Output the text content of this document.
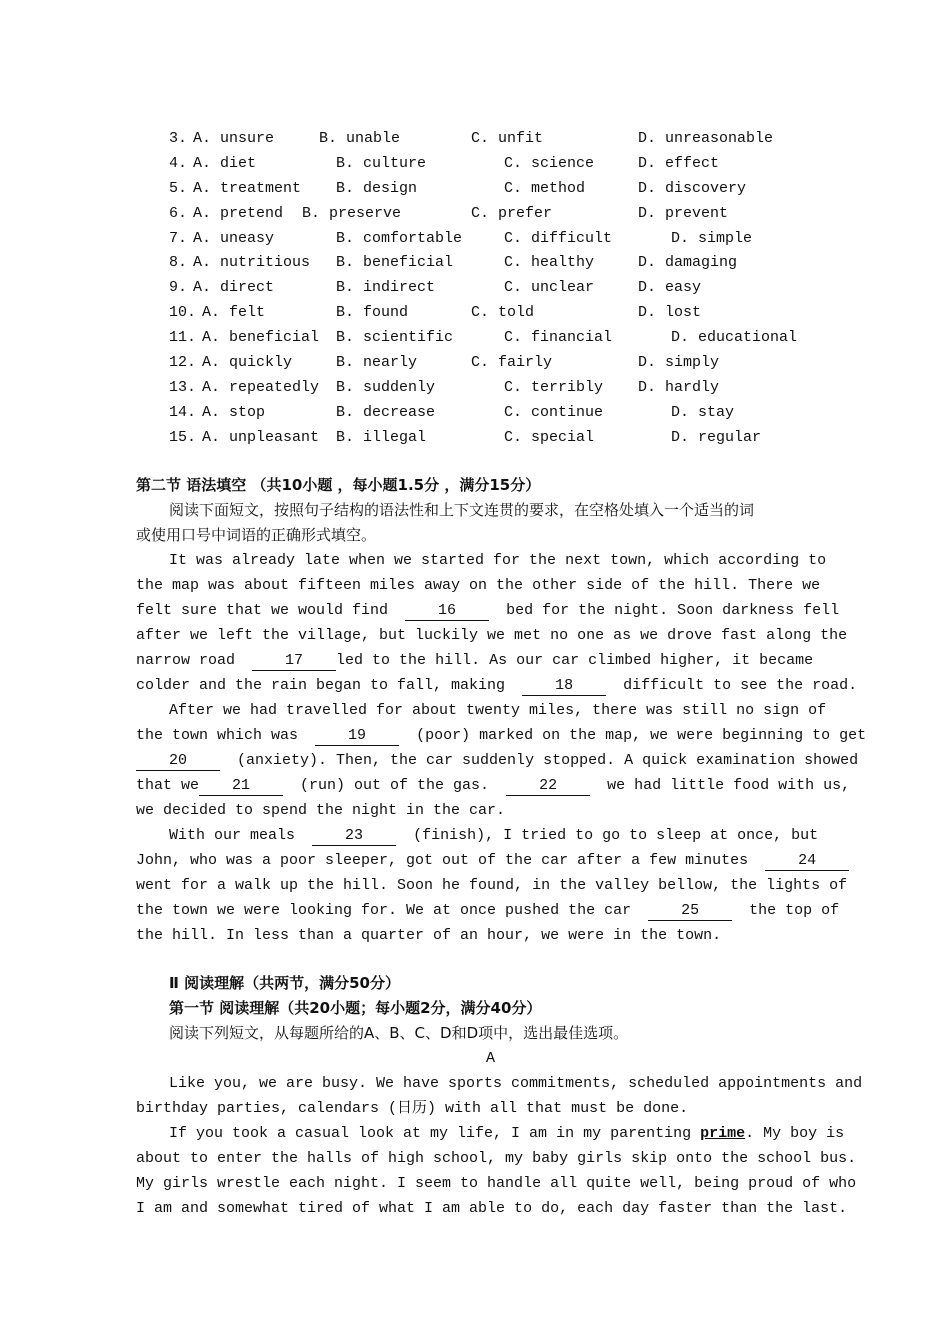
3. A. unsure	B. unable	C. unfit	D. unreasonable
4. A. diet	B. culture	C. science	D. effect
5. A. treatment B. design	C. method	D. discovery
6. A. pretend B. preserve	C. prefer	D. prevent
7. A. uneasy	B. comfortable	C. difficult	D. simple
8. A. nutritious B. beneficial	C. healthy	D. damaging
9. A. direct	B. indirect	C. unclear	D. easy
10. A. felt	B. found	C. told	D. lost
11. A. beneficial B. scientific	C. financial	D. educational
12. A. quickly	B. nearly	C. fairly	D. simply
13. A. repeatedly B. suddenly	C. terribly D. hardly
14. A. stop	B. decrease	C. continue	D. stay
15. A. unpleasant B. illegal	C. special	D. regular
第二节 语法填空 （共10小题 ，每小题1.5分 ，满分15分）
阅读下面短文，按照句子结构的语法性和上下文连贯的要求，在空格处填入一个适当的词
或使用口号中词语的正确形式填空。
It was already late when we started for the next town, which according to
the map was about fifteen miles away on the other side of the hill. There we
felt sure that we would find	16	bed for the night. Soon darkness fell
after we left the village, but luckily we met no one as we drove fast along the
narrow road	17 led to the hill. As our car climbed higher, it became
colder and the rain began to fall, making	18	difficult to see the road.
After we had travelled for about twenty miles, there was still no sign of
the town which was	19	(poor) marked on the map, we were beginning to get
20	(anxiety). Then, the car suddenly stopped. A quick examination showed
that we 21	(run) out of the gas.	22	we had little food with us,
we decided to spend the night in the car.
With our meals	23	(finish), I tried to go to sleep at once, but
John, who was a poor sleeper, got out of the car after a few minutes	24
went for a walk up the hill. Soon he found, in the valley bellow, the lights of
the town we were looking for. We at once pushed the car	25	the top of
the hill. In less than a quarter of an hour, we were in the town.
Ⅱ 阅读理解（共两节，满分50分）
第一节 阅读理解（共20小题；每小题2分，满分40分）
阅读下列短文，从每题所给的A、B、C、D和D项中，选出最佳选项。
A
Like you, we are busy. We have sports commitments, scheduled appointments and
birthday parties, calendars (日历) with all that must be done.
If you took a casual look at my life, I am in my parenting prime. My boy is
about to enter the halls of high school, my baby girls skip onto the school bus.
My girls wrestle each night. I seem to handle all quite well, being proud of who
I am and somewhat tired of what I am able to do, each day faster than the last.
